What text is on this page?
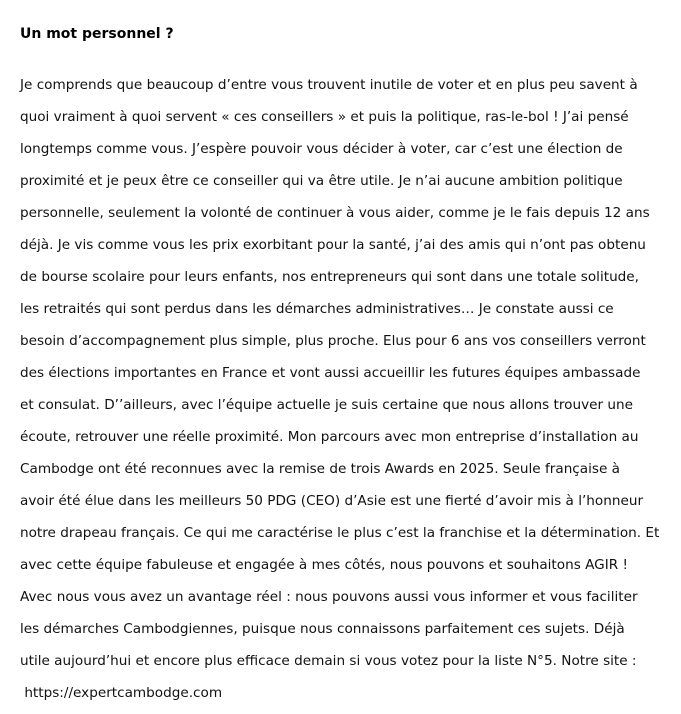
Un mot personnel ?

Je comprends que beaucoup d’entre vous trouvent inutile de voter et en plus peu savent à

quoi vraiment à quoi servent « ces conseillers » et puis la politique, ras-le-bol ! J’ai pensé

longtemps comme vous. J’espère pouvoir vous décider à voter, car c’est une élection de

proximité et je peux être ce conseiller qui va être utile. Je n’ai aucune ambition politique

personnelle, seulement la volonté de continuer à vous aider, comme je le fais depuis 12 ans

déjà. Je vis comme vous les prix exorbitant pour la santé, j’ai des amis qui n’ont pas obtenu

de bourse scolaire pour leurs enfants, nos entrepreneurs qui sont dans une totale solitude,

les retraités qui sont perdus dans les démarches administratives… Je constate aussi ce

besoin d’accompagnement plus simple, plus proche. Elus pour 6 ans vos conseillers verront

des élections importantes en France et vont aussi accueillir les futures équipes ambassade

et consulat. D’’ailleurs, avec l’équipe actuelle je suis certaine que nous allons trouver une

écoute, retrouver une réelle proximité. Mon parcours avec mon entreprise d’installation au

Cambodge ont été reconnues avec la remise de trois Awards en 2025. Seule française à

avoir été élue dans les meilleurs 50 PDG (CEO) d’Asie est une fierté d’avoir mis à l’honneur

notre drapeau français. Ce qui me caractérise le plus c’est la franchise et la détermination. Et

avec cette équipe fabuleuse et engagée à mes côtés, nous pouvons et souhaitons AGIR !

Avec nous vous avez un avantage réel : nous pouvons aussi vous informer et vous faciliter

les démarches Cambodgiennes, puisque nous connaissons parfaitement ces sujets. Déjà

utile aujourd’hui et encore plus efficace demain si vous votez pour la liste N°5. Notre site :

https://expertcambodge.com
